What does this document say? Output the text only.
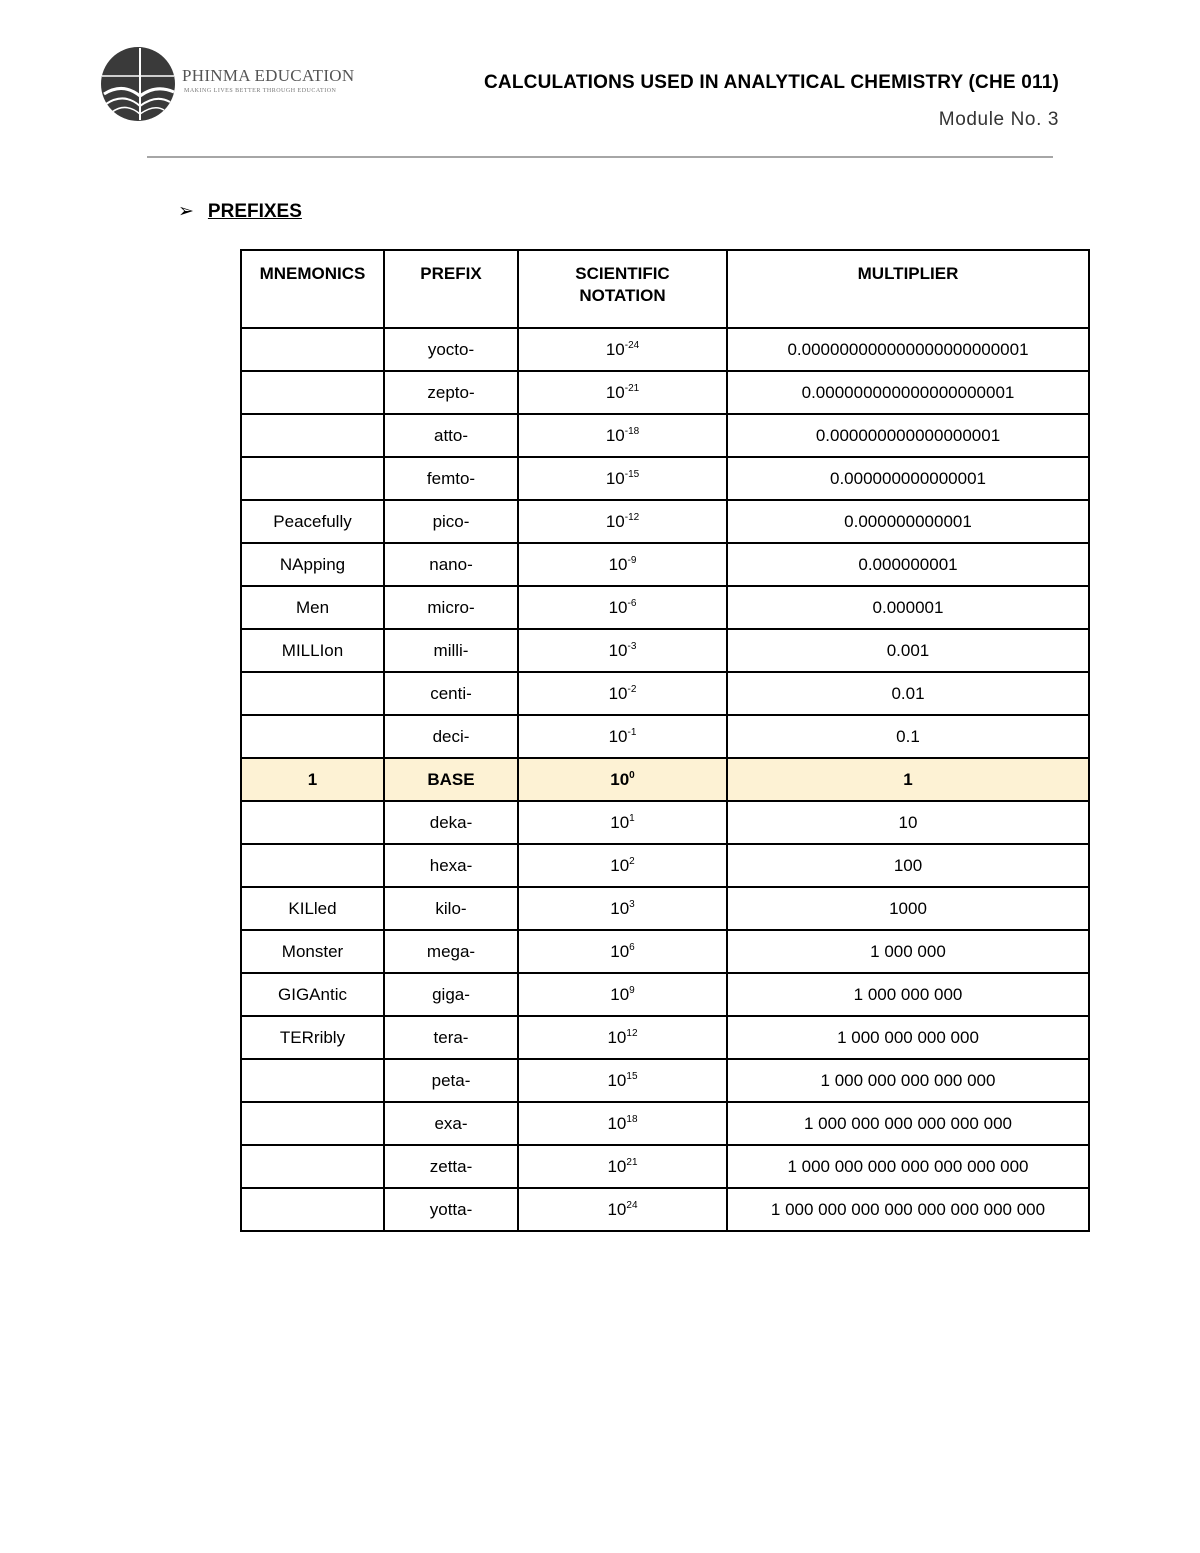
PHINMA EDUCATION
MAKING LIVES BETTER THROUGH EDUCATION	CALCULATIONS USED IN ANALYTICAL CHEMISTRY (CHE 011)
Module No. 3
➢ PREFIXES
MNEMONICS	PREFIX	SCIENTIFIC NOTATION	MULTIPLIER
	yocto-	$10^{-24}$	0.000000000000000000000001
	zepto-	$10^{-21}$	0.000000000000000000001
	atto-	$10^{-18}$	0.000000000000000001
	femto-	$10^{-15}$	0.000000000000001
Peacefully	pico-	$10^{-12}$	0.000000000001
NApping	nano-	$10^{-9}$	0.000000001
Men	micro-	$10^{-6}$	0.000001
MILLIon	milli-	$10^{-3}$	0.001
	centi-	$10^{-2}$	0.01
	deci-	$10^{-1}$	0.1
1	BASE	$10^0$	1
	deka-	$10^1$	10
	hexa-	$10^2$	100
KILled	kilo-	$10^3$	1000
Monster	mega-	$10^6$	1 000 000
GIGAntic	giga-	$10^9$	1 000 000 000
TERribly	tera-	$10^{12}$	1 000 000 000 000
	peta-	$10^{15}$	1 000 000 000 000 000
	exa-	$10^{18}$	1 000 000 000 000 000 000
	zetta-	$10^{21}$	1 000 000 000 000 000 000 000
	yotta-	$10^{24}$	1 000 000 000 000 000 000 000 000
